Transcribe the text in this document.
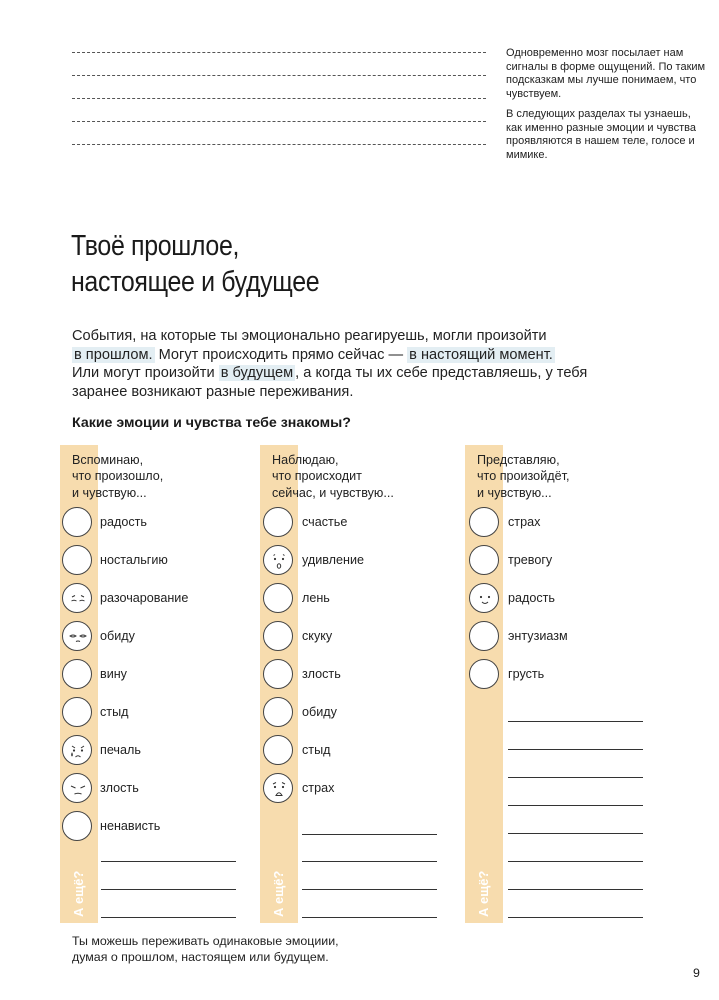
Одновременно мозг посылает нам сигналы в форме ощущений. По таким подсказкам мы лучше понимаем, что чувствуем.
В следующих разделах ты узнаешь, как именно разные эмоции и чувства проявляются в нашем теле, голосе и мимике.
Твоё прошлое,
настоящее и будущее
События, на которые ты эмоционально реагируешь, могли произойти
в прошлом. Могут происходить прямо сейчас — в настоящий момент.
Или могут произойти в будущем , а когда ты их себе представляешь, у тебя заранее возникают разные переживания.
Какие эмоции и чувства тебе знакомы?
Вспоминаю,
что произошло,
и чувствую...
радость
ностальгию
разочарование
обиду
вину
стыд
печаль
злость
ненависть
А ещё?
Наблюдаю,
что происходит
сейчас, и чувствую...
счастье
удивление
лень
скуку
злость
обиду
стыд
страх
А ещё?
Представляю,
что произойдёт,
и чувствую...
страх
тревогу
радость
энтузиазм
грусть
А ещё?
Ты можешь переживать одинаковые эмоциии,
думая о прошлом, настоящем или будущем.
9
